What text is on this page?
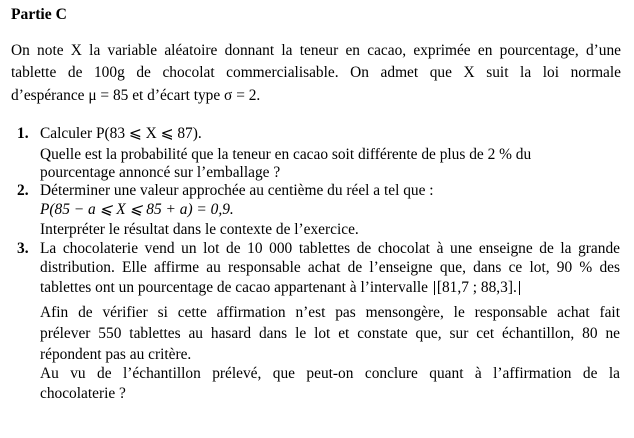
Partie C
On note X la variable aléatoire donnant la teneur en cacao, exprimée en pourcentage, d’une
tablette de 100g de chocolat commercialisable. On admet que X suit la loi normale
d’espérance μ = 85 et d’écart type σ = 2.
1. Calculer P(83 ⩽ X ⩽ 87).
Quelle est la probabilité que la teneur en cacao soit différente de plus de 2 % du
pourcentage annoncé sur l’emballage ?
2. Déterminer une valeur approchée au centième du réel a tel que :
P(85 − a ⩽ X ⩽ 85 + a) = 0,9.
Interpréter le résultat dans le contexte de l’exercice.
3. La chocolaterie vend un lot de 10 000 tablettes de chocolat à une enseigne de la grande
distribution. Elle affirme au responsable achat de l’enseigne que, dans ce lot, 90 % des
tablettes ont un pourcentage de cacao appartenant à l’intervalle [81,7 ; 88,3].
Afin de vérifier si cette affirmation n’est pas mensongère, le responsable achat fait
prélever 550 tablettes au hasard dans le lot et constate que, sur cet échantillon, 80 ne
répondent pas au critère.
Au vu de l’échantillon prélevé, que peut-on conclure quant à l’affirmation de la
chocolaterie ?
